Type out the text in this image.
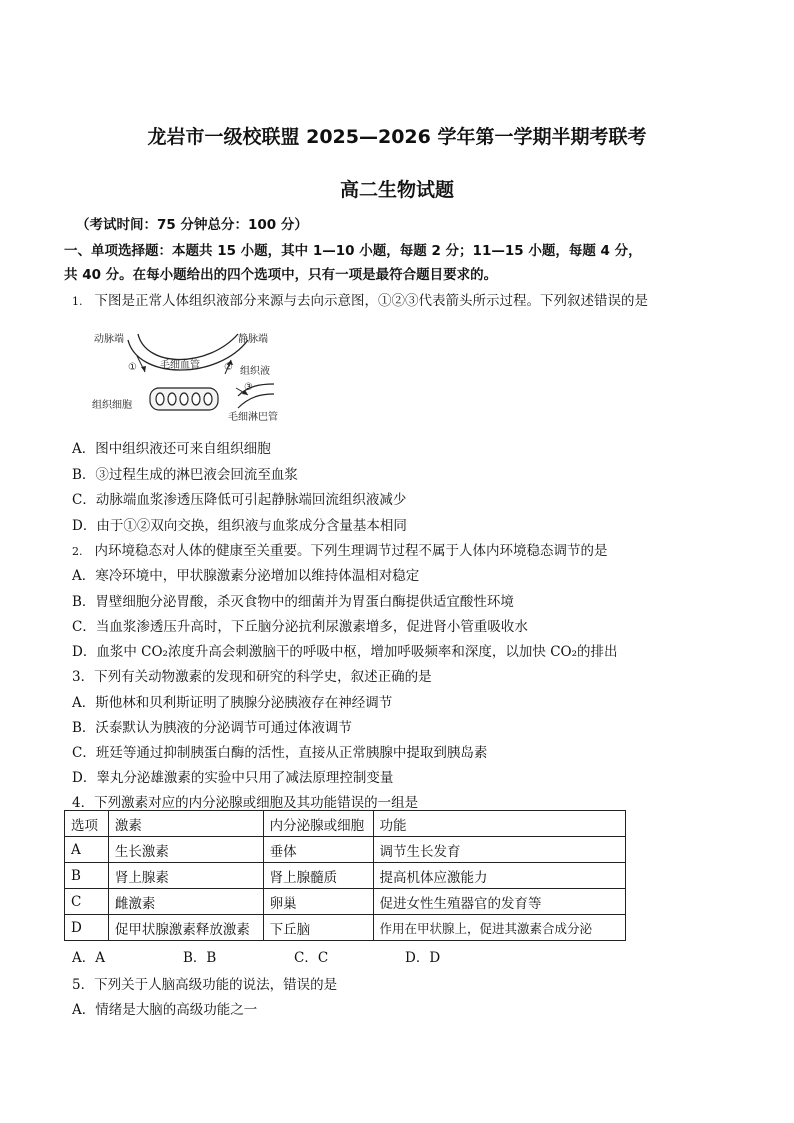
龙岩市一级校联盟 2025—2026 学年第一学期半期考联考
高二生物试题
（考试时间：75 分钟总分：100 分）
一、单项选择题：本题共 15 小题，其中 1—10 小题，每题 2 分；11—15 小题，每题 4 分，
共 40 分。在每小题给出的四个选项中，只有一项是最符合题目要求的。
1. 下图是正常人体组织液部分来源与去向示意图，①②③代表箭头所示过程。下列叙述错误的是
动脉端	静脉端
毛细血管
①	②
③
组织液
组织细胞
毛细淋巴管
A．图中组织液还可来自组织细胞
B．③过程生成的淋巴液会回流至血浆
C．动脉端血浆渗透压降低可引起静脉端回流组织液减少
D．由于①②双向交换，组织液与血浆成分含量基本相同
2. 内环境稳态对人体的健康至关重要。下列生理调节过程不属于人体内环境稳态调节的是
A．寒冷环境中，甲状腺激素分泌增加以维持体温相对稳定
B．胃壁细胞分泌胃酸，杀灭食物中的细菌并为胃蛋白酶提供适宜酸性环境
C．当血浆渗透压升高时，下丘脑分泌抗利尿激素增多，促进肾小管重吸收水
D．血浆中 CO₂浓度升高会刺激脑干的呼吸中枢，增加呼吸频率和深度，以加快 CO₂的排出
3．下列有关动物激素的发现和研究的科学史，叙述正确的是
A．斯他林和贝利斯证明了胰腺分泌胰液存在神经调节
B．沃泰默认为胰液的分泌调节可通过体液调节
C．班廷等通过抑制胰蛋白酶的活性，直接从正常胰腺中提取到胰岛素
D．睾丸分泌雄激素的实验中只用了减法原理控制变量
4．下列激素对应的内分泌腺或细胞及其功能错误的一组是
选项	激素	内分泌腺或细胞	功能
A	生长激素	垂体	调节生长发育
B	肾上腺素	肾上腺髓质	提高机体应激能力
C	雌激素	卵巢	促进女性生殖器官的发育等
D	促甲状腺激素释放激素	下丘脑	作用在甲状腺上，促进其激素合成分泌
A．A	B．B	C．C	D．D
5．下列关于人脑高级功能的说法，错误的是
A．情绪是大脑的高级功能之一
